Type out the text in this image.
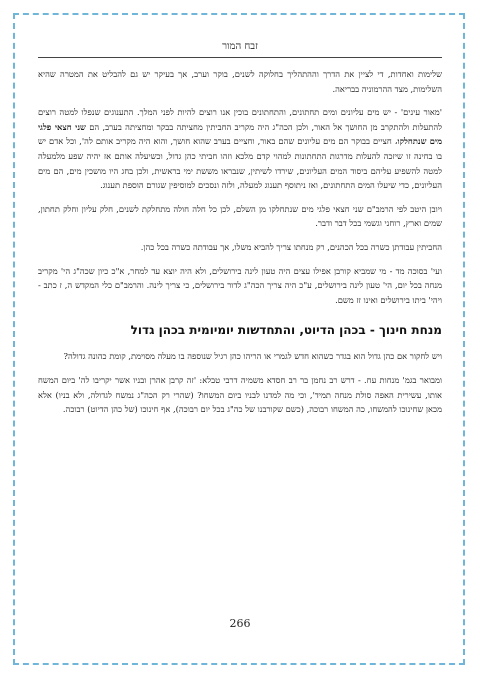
זבח המור

שלימות ואחדות, די לציין את הדרך וההתהליך בחלוקה לשנים, בוקר וערב, אך בעיקר יש גם להבליט את המטרה שהיא השלימות, מצד ההרמוניה בבריאה.

'מאור עינים' - יש מים עליונים ומים תחתונים, והתחתונים בוכין אנו רוצים להיות לפני המלך. התענוגים שנפלו למטה רוצים להתעלות ולהתקרב מן החושך אל האור, ולכן הכה"ג היה מקריב החביתין מחציתה בבקר ומחציתה בערב, הם שני חצאי פלגי מים שנתחלקו، חציים בבוקר הם מים עליונים שהם באור, וחציים בערב שהוא חושך, והוא היה מקריב אותם לה', וכל אדם יש בו בחינה זו שיזכה להעלות מדרגות התחתונות למהוי קדם מלכא וזהו חביתי כהן גדול, וכשיעלה אותם אז יהיה שפע מלמעלה למטה להשפיע עליהם ביסוד המים העליונים, שירדו לשיתין, שנבראו מששת ימי בראשית, ולכן בחג היו מושכין מים, הם מים העליונים, כדי שיעלו המים התחתונים, ואז ניתוסף תענוג למעלה, ולזה ונסכים למוסיפין שגורם הוספת תענוג.

ויובן היטב לפי הרמב"ם שני חצאי פלגי מים שנתחלקו מן השלם, לכן כל חלה חולה מתחלקת לשנים, חלק עליון וחלק תחתון, שמים וארץ, רוחני וגשמי בכל דבר ודבר.

החביתין עבודתן כשרה בכל הכהנים, רק מנחתו צריך להביא משלו, אך עבודתה כשרה בכל כהן.

ועי' בסוכה מד - מי שמביא קורבן אפילו עצים היה טעון לינה בירושלים, ולא היה יוצא עד למחר, א"כ כיון שכה"ג הי' מקריב מנחה בכל יום, הי' טעון לינה בירושלים, ע"כ היה צריך הכה"ג לדור בירושלים, כי צריך לינה. והרמב"ם כלי המקדש ה, ז כתב - ויהי' ביתו בירושלים ואינו זז משם.

מנחת חינוך - בכהן הדיוט, והתחדשות יומיומית בכהן גדול

ויש לחקור אם כהן גדול הוא בגדר כשהוא חדש לגמרי או הריהו כהן רגיל שנוספה בו מעלה מסוימת, קומת כהונה גדולה?

ומבואר בגמ' מנחות עח. - דרש רב נחמן בר רב חסדא משמיה דרבי טבלא: 'זה קרבן אהרן ובניו אשר יקריבו לה' ביום המשח אותו, עשירית האפה סולת מנחה תמיד', וכי מה למדנו לבניו ביום המשחו? (שהרי רק הכה"ג נמשח לגדולה, ולא בניו) אלא מכאן שחינוכו להמשחו, כה המשחו רבוכה, (כשם שקורבנו של כה"ג בכל יום רבוכה), אף חינוכו (של כהן הדיוט) רבוכה.

266
